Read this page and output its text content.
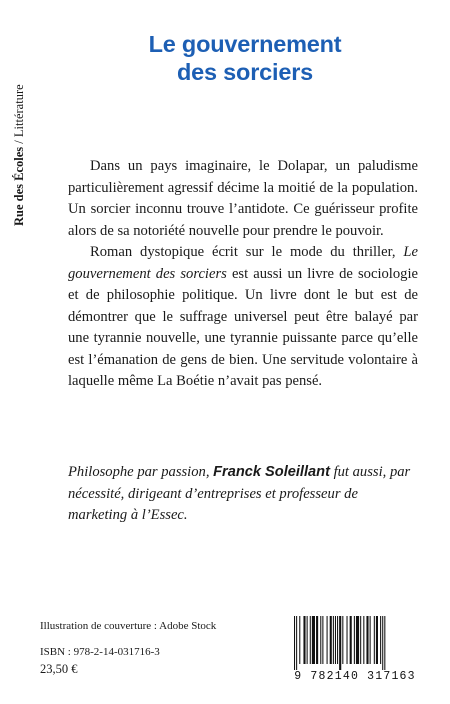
Rue des Écoles / Littérature
Le gouvernement
des sorciers

Dans un pays imaginaire, le Dolapar, un paludisme particulièrement agressif décime la moitié de la population. Un sorcier inconnu trouve l’antidote. Ce guérisseur profite alors de sa notoriété nouvelle pour prendre le pouvoir.

Roman dystopique écrit sur le mode du thriller, Le gouvernement des sorciers est aussi un livre de sociologie et de philosophie politique. Un livre dont le but est de démontrer que le suffrage universel peut être balayé par une tyrannie nouvelle, une tyrannie puissante parce qu’elle est l’émanation de gens de bien. Une servitude volontaire à laquelle même La Boétie n’avait pas pensé.

Philosophe par passion, Franck Soleillant fut aussi, par nécessité, dirigeant d’entreprises et professeur de marketing à l’Essec.
Illustration de couverture : Adobe Stock
ISBN : 978-2-14-031716-3
23,50 €
9 782140 317163
